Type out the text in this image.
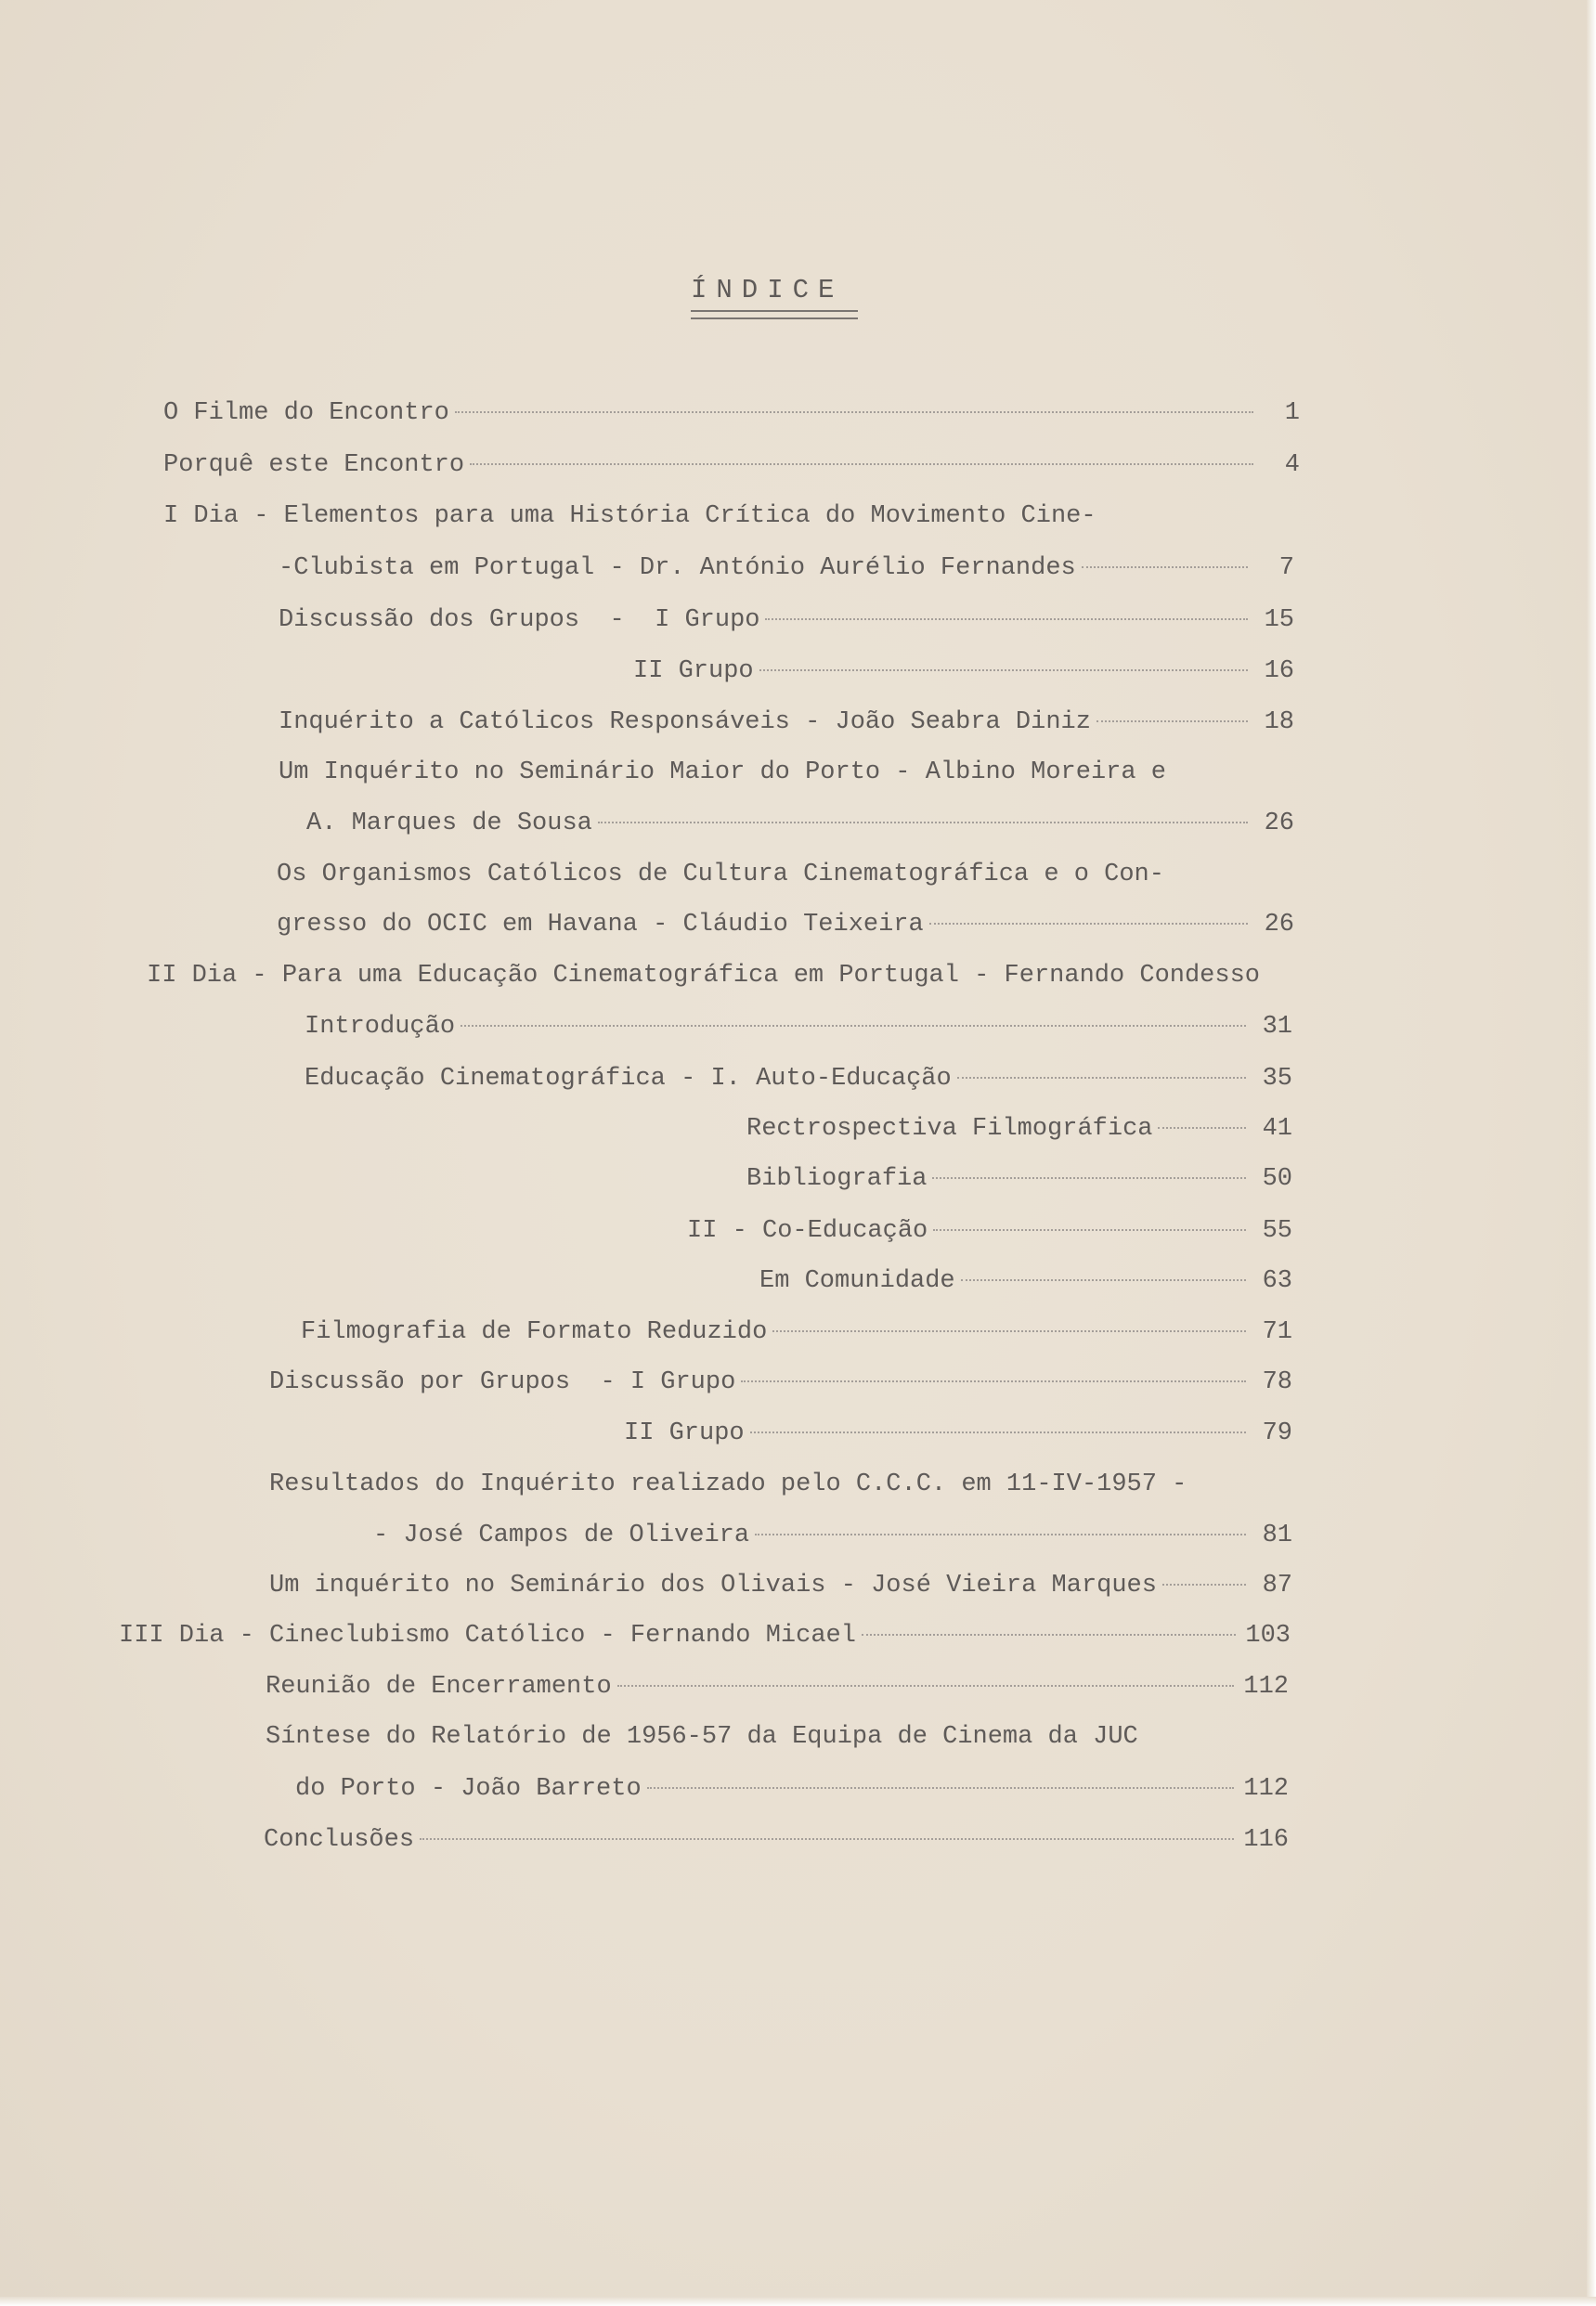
ÍNDICE
O Filme do Encontro	1
Porquê este Encontro	4
I Dia - Elementos para uma História Crítica do Movimento Cine-
-Clubista em Portugal - Dr. António Aurélio Fernandes	7
Discussão dos Grupos  -  I Grupo	15
II Grupo	16
Inquérito a Católicos Responsáveis - João Seabra Diniz	18
Um Inquérito no Seminário Maior do Porto - Albino Moreira e
A. Marques de Sousa	26
Os Organismos Católicos de Cultura Cinematográfica e o Con-
gresso do OCIC em Havana - Cláudio Teixeira	26
II Dia - Para uma Educação Cinematográfica em Portugal - Fernando Condesso
Introdução	31
Educação Cinematográfica - I. Auto-Educação	35
Rectrospectiva Filmográfica	41
Bibliografia	50
II - Co-Educação	55
Em Comunidade	63
Filmografia de Formato Reduzido	71
Discussão por Grupos  - I Grupo	78
II Grupo	79
Resultados do Inquérito realizado pelo C.C.C. em 11-IV-1957 -
- José Campos de Oliveira	81
Um inquérito no Seminário dos Olivais - José Vieira Marques	87
III Dia - Cineclubismo Católico - Fernando Micael	103
Reunião de Encerramento	112
Síntese do Relatório de 1956-57 da Equipa de Cinema da JUC
do Porto - João Barreto	112
Conclusões	116
